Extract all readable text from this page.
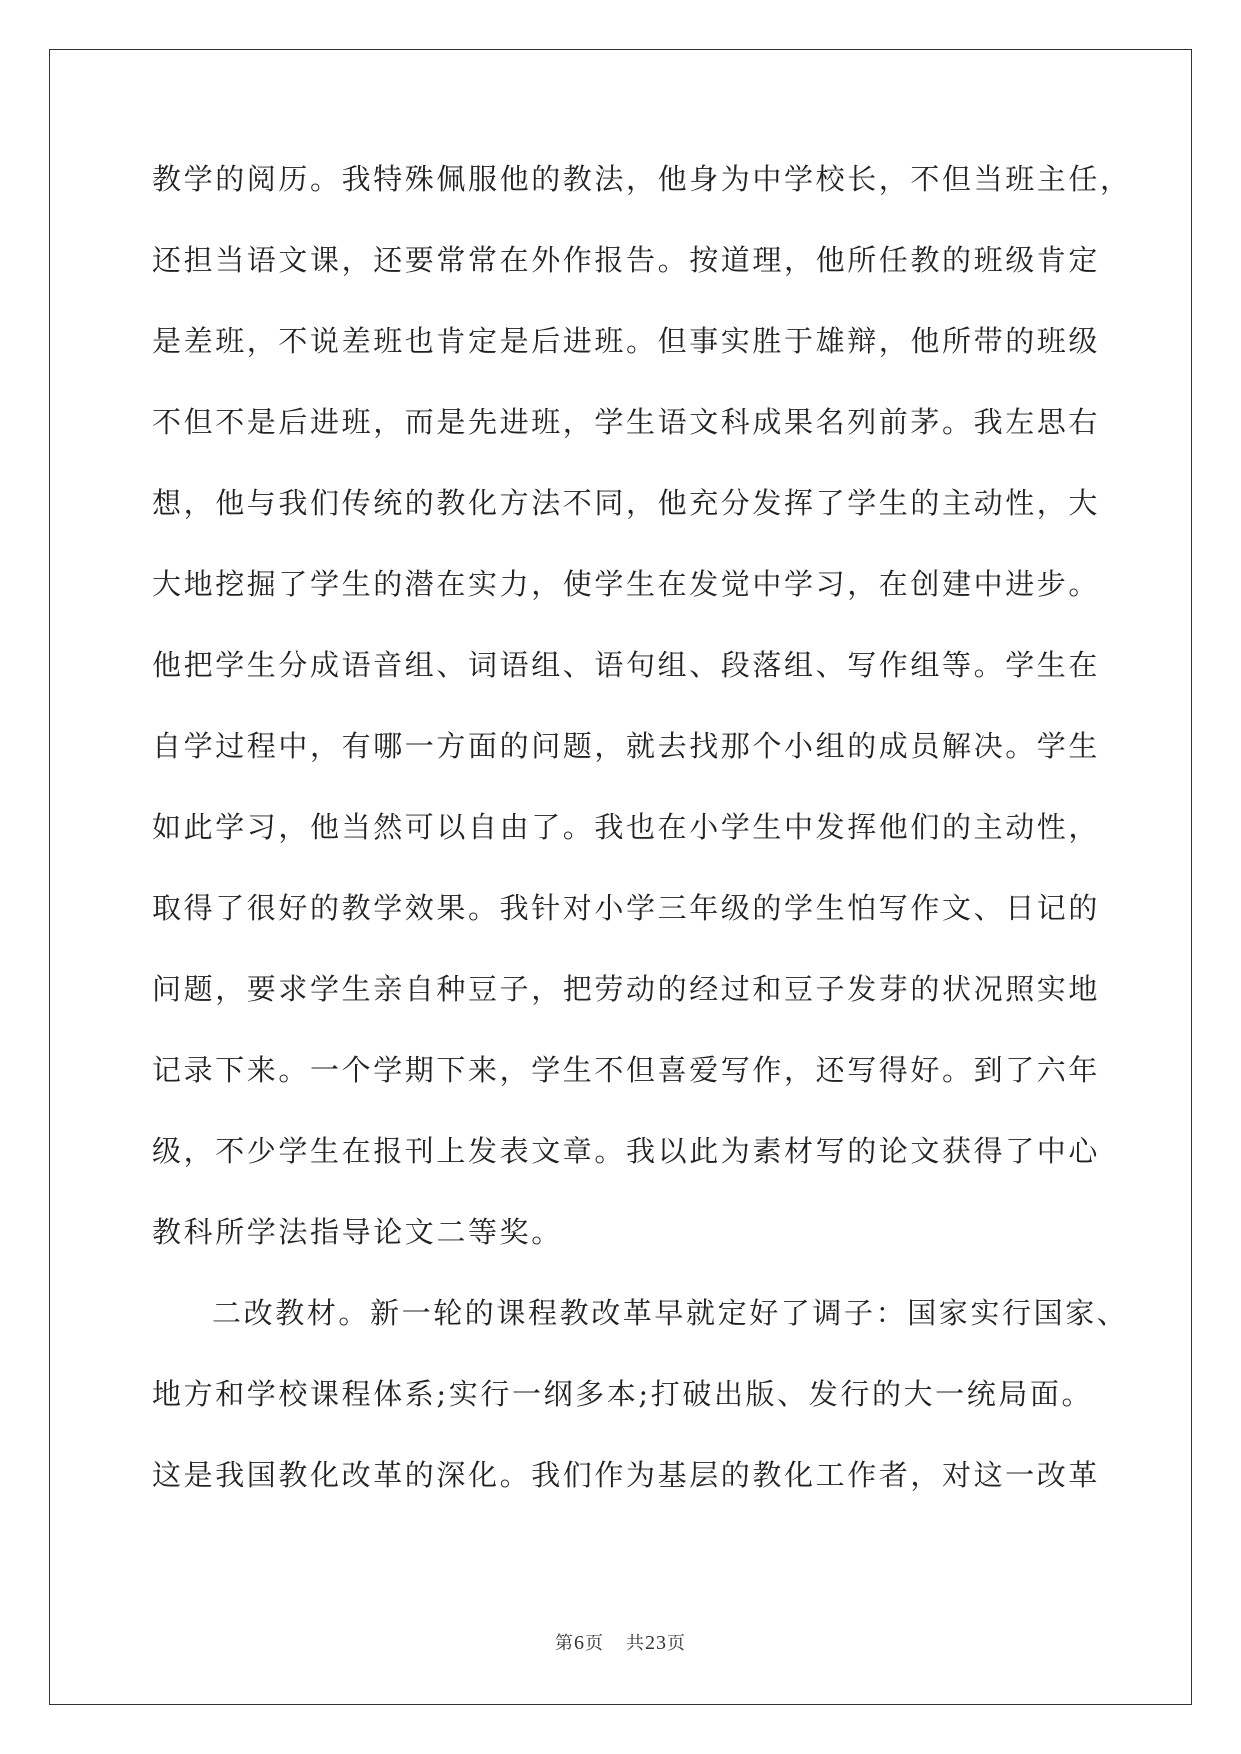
教学的阅历。我特殊佩服他的教法，他身为中学校长，不但当班主任，
还担当语文课，还要常常在外作报告。按道理，他所任教的班级肯定
是差班，不说差班也肯定是后进班。但事实胜于雄辩，他所带的班级
不但不是后进班，而是先进班，学生语文科成果名列前茅。我左思右
想，他与我们传统的教化方法不同，他充分发挥了学生的主动性，大
大地挖掘了学生的潜在实力，使学生在发觉中学习，在创建中进步。
他把学生分成语音组、词语组、语句组、段落组、写作组等。学生在
自学过程中，有哪一方面的问题，就去找那个小组的成员解决。学生
如此学习，他当然可以自由了。我也在小学生中发挥他们的主动性，
取得了很好的教学效果。我针对小学三年级的学生怕写作文、日记的
问题，要求学生亲自种豆子，把劳动的经过和豆子发芽的状况照实地
记录下来。一个学期下来，学生不但喜爱写作，还写得好。到了六年
级，不少学生在报刊上发表文章。我以此为素材写的论文获得了中心
教科所学法指导论文二等奖。
二改教材。新一轮的课程教改革早就定好了调子：国家实行国家、
地方和学校课程体系;实行一纲多本;打破出版、发行的大一统局面。
这是我国教化改革的深化。我们作为基层的教化工作者，对这一改革
第6页 共23页
